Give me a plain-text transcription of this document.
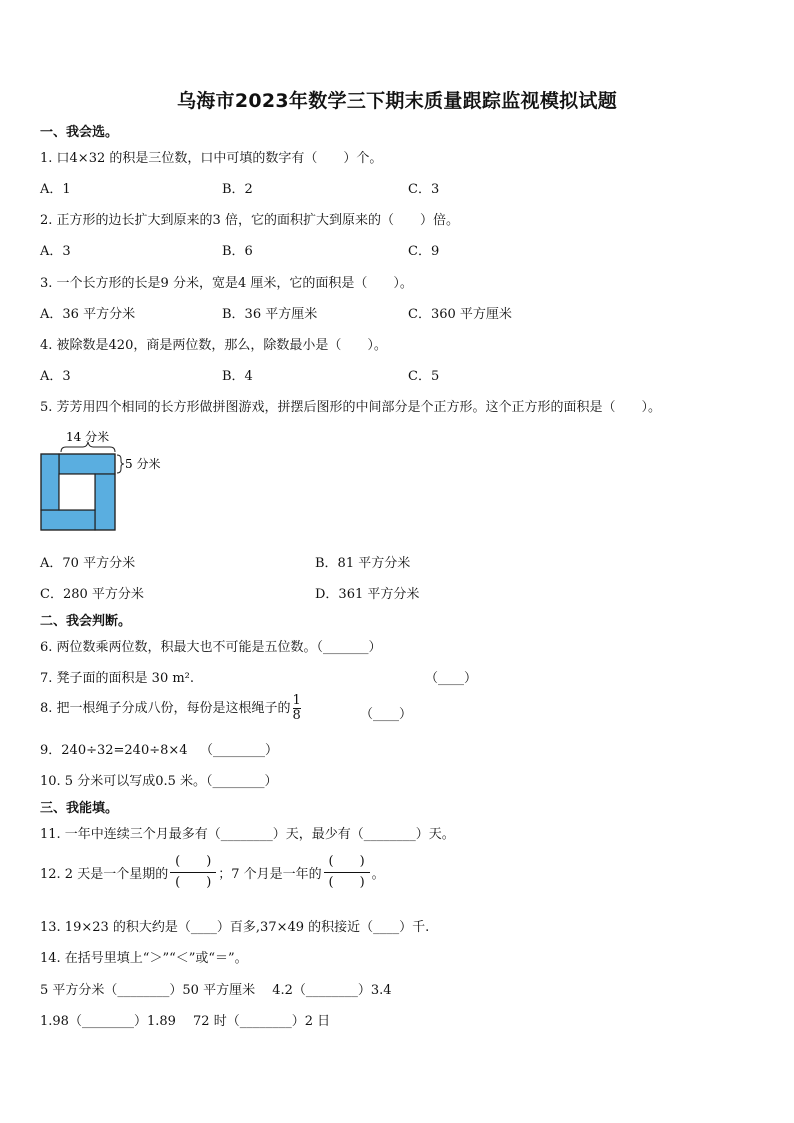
乌海市2023年数学三下期末质量跟踪监视模拟试题
一、我会选。
1. 口4×32 的积是三位数，口中可填的数字有（　　）个。
A．1	B．2	C．3
2. 正方形的边长扩大到原来的3 倍，它的面积扩大到原来的（　　）倍。
A．3	B．6	C．9
3. 一个长方形的长是9 分米，宽是4 厘米，它的面积是（　　）。
A．36 平方分米	B．36 平方厘米	C．360 平方厘米
4. 被除数是420，商是两位数，那么，除数最小是（　　）。
A．3	B．4	C．5
5. 芳芳用四个相同的长方形做拼图游戏，拼摆后图形的中间部分是个正方形。这个正方形的面积是（　　）。
14 分米
5 分米
A．70 平方分米	B．81 平方分米
C．280 平方分米	D．361 平方分米
二、我会判断。
6. 两位数乘两位数，积最大也不可能是五位数。（_______）
7. 凳子面的面积是 30 m².	（____）
8. 把一根绳子分成八份，每份是这根绳子的 $\frac{1}{8}$	（____）
9．240÷32=240÷8×4 （________）
10. 5 分米可以写成0.5 米。（________）
三、我能填。
11. 一年中连续三个月最多有（________）天，最少有（________）天。
12. 2 天是一个星期的 $\frac{( )}{( )}$ ；7 个月是一年的 $\frac{( )}{( )}$ 。
13. 19×23 的积大约是（____）百多,37×49 的积接近（____）千.
14. 在括号里填上“＞”“＜”或“＝”。
5 平方分米（________）50 平方厘米　 4.2（________）3.4
1.98（________）1.89　 72 时（________）2 日
